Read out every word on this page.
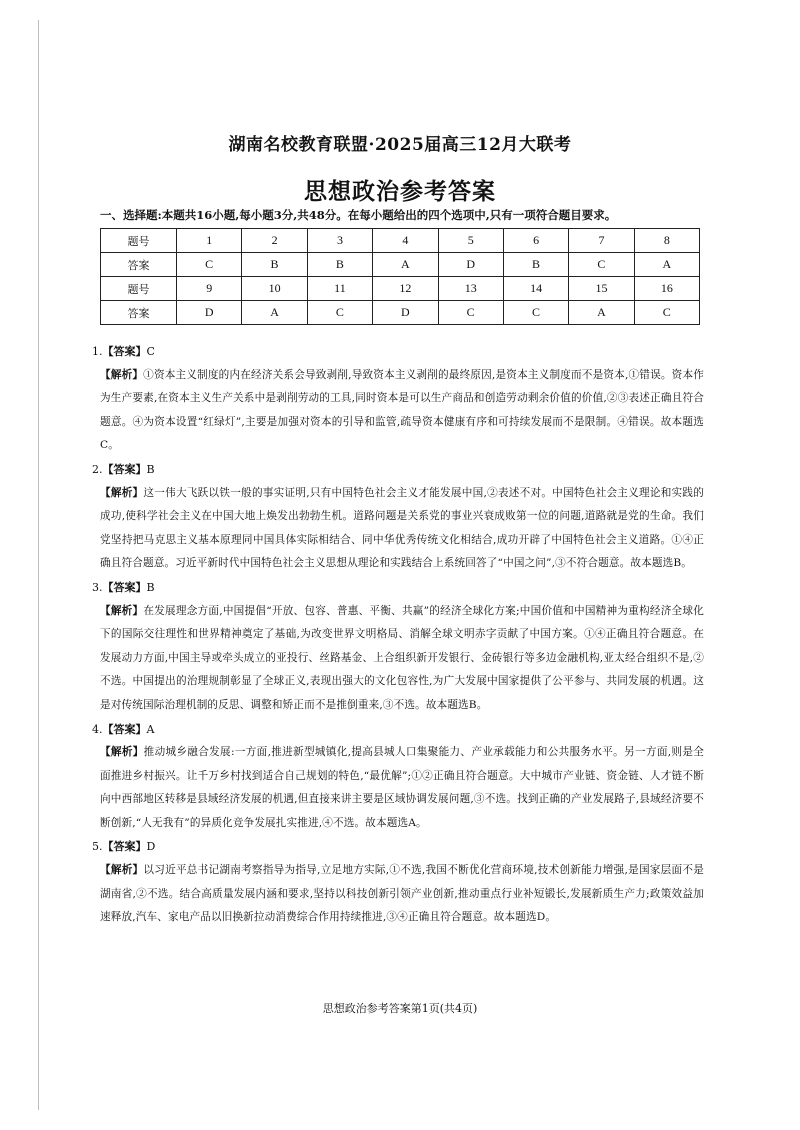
湖南名校教育联盟·2025届高三12月大联考
思想政治参考答案
一、选择题:本题共16小题,每小题3分,共48分。在每小题给出的四个选项中,只有一项符合题目要求。
题号	1	2	3	4	5	6	7	8
答案	C	B	B	A	D	B	C	A
题号	9	10	11	12	13	14	15	16
答案	D	A	C	D	C	C	A	C
1.【答案】C
【解析】①资本主义制度的内在经济关系会导致剥削,导致资本主义剥削的最终原因,是资本主义制度而不是资本,①错误。资本作为生产要素,在资本主义生产关系中是剥削劳动的工具,同时资本是可以生产商品和创造劳动剩余价值的价值,②③表述正确且符合题意。④为资本设置“红绿灯”,主要是加强对资本的引导和监管,疏导资本健康有序和可持续发展而不是限制。④错误。故本题选C。
2.【答案】B
【解析】这一伟大飞跃以铁一般的事实证明,只有中国特色社会主义才能发展中国,②表述不对。中国特色社会主义理论和实践的成功,使科学社会主义在中国大地上焕发出勃勃生机。道路问题是关系党的事业兴衰成败第一位的问题,道路就是党的生命。我们党坚持把马克思主义基本原理同中国具体实际相结合、同中华优秀传统文化相结合,成功开辟了中国特色社会主义道路。①④正确且符合题意。习近平新时代中国特色社会主义思想从理论和实践结合上系统回答了“中国之问”,③不符合题意。故本题选B。
3.【答案】B
【解析】在发展理念方面,中国提倡“开放、包容、普惠、平衡、共赢”的经济全球化方案;中国价值和中国精神为重构经济全球化下的国际交往理性和世界精神奠定了基础,为改变世界文明格局、消解全球文明赤字贡献了中国方案。①④正确且符合题意。在发展动力方面,中国主导或牵头成立的亚投行、丝路基金、上合组织新开发银行、金砖银行等多边金融机构,亚太经合组织不是,②不选。中国提出的治理规制彰显了全球正义,表现出强大的文化包容性,为广大发展中国家提供了公平参与、共同发展的机遇。这是对传统国际治理机制的反思、调整和矫正而不是推倒重来,③不选。故本题选B。
4.【答案】A
【解析】推动城乡融合发展:一方面,推进新型城镇化,提高县城人口集聚能力、产业承载能力和公共服务水平。另一方面,则是全面推进乡村振兴。让千万乡村找到适合自己规划的特色,“最优解”;①②正确且符合题意。大中城市产业链、资金链、人才链不断向中西部地区转移是县域经济发展的机遇,但直接来讲主要是区域协调发展问题,③不选。找到正确的产业发展路子,县域经济要不断创新,“人无我有”的异质化竞争发展扎实推进,④不选。故本题选A。
5.【答案】D
【解析】以习近平总书记湖南考察指导为指导,立足地方实际,①不选,我国不断优化营商环境,技术创新能力增强,是国家层面不是湖南省,②不选。结合高质量发展内涵和要求,坚持以科技创新引领产业创新,推动重点行业补短锻长,发展新质生产力;政策效益加速释放,汽车、家电产品以旧换新拉动消费综合作用持续推进,③④正确且符合题意。故本题选D。
思想政治参考答案第1页(共4页)
